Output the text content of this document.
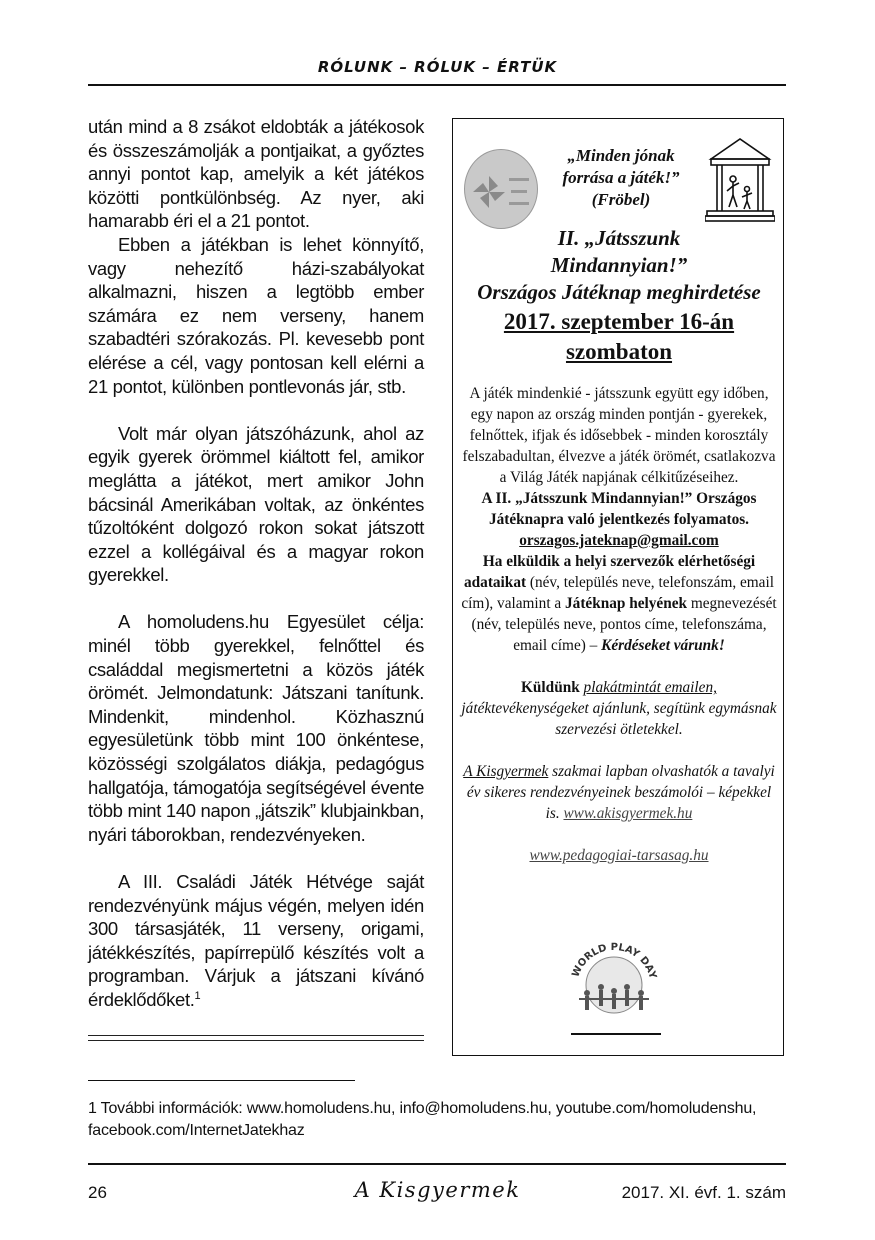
RÓLUNK – RÓLUK – ÉRTÜK

után mind a 8 zsákot eldobták a játékosok és összeszámolják a pontjaikat, a győztes annyi pontot kap, amelyik a két játékos közötti pontkülönbség. Az nyer, aki hamarabb éri el a 21 pontot.

Ebben a játékban is lehet könnyítő, vagy nehezítő házi-szabályokat alkalmazni, hiszen a legtöbb ember számára ez nem verseny, hanem szabadtéri szórakozás. Pl. kevesebb pont elérése a cél, vagy pontosan kell elérni a 21 pontot, különben pontlevonás jár, stb.

Volt már olyan játszóházunk, ahol az egyik gyerek örömmel kiáltott fel, amikor meglátta a játékot, mert amikor John bácsinál Amerikában voltak, az önkéntes tűzoltóként dolgozó rokon sokat játszott ezzel a kollégáival és a magyar rokon gyerekkel.

A homoludens.hu Egyesület célja: minél több gyerekkel, felnőttel és családdal megismertetni a közös játék örömét. Jelmondatunk: Játszani tanítunk. Mindenkit, mindenhol. Közhasznú egyesületünk több mint 100 önkéntese, közösségi szolgálatos diákja, pedagógus hallgatója, támogatója segítségével évente több mint 140 napon „játszik” klubjainkban, nyári táborokban, rendezvényeken.

A III. Családi Játék Hétvége saját rendezvényünk május végén, melyen idén 300 társasjáték, 11 verseny, origami, játékkészítés, papírrepülő készítés volt a programban. Várjuk a játszani kívánó érdeklődőket.$^1$

„Minden jónak
forrása a játék!”
(Fröbel)
II. „Játsszunk
Mindannyian!”
Országos Játéknap meghirdetése
2017. szeptember 16-án
szombaton

A játék mindenkié - játsszunk együtt egy időben, egy napon az ország minden pontján - gyerekek, felnőttek, ifjak és idősebbek - minden korosztály felszabadultan, élvezve a játék örömét, csatlakozva a Világ Játék napjának célkitűzéseihez.

A II. „Játsszunk Mindannyian!” Országos Játéknapra való jelentkezés folyamatos.

orszagos.jateknap@gmail.com

Ha elküldik a helyi szervezők elérhetőségi adataikat (név, település neve, telefonszám, email cím), valamint a Játéknap helyének megnevezését (név, település neve, pontos címe, telefonszáma, email címe) – Kérdéseket várunk!

Küldünk plakátmintát emailen,
játéktevékenységeket ajánlunk, segítünk egymásnak szervezési ötletekkel.

A Kisgyermek szakmai lapban olvashatók a tavalyi év sikeres rendezvényeinek beszámolói – képekkel is. www.akisgyermek.hu

www.pedagogiai-tarsasag.hu

WORLD PLAY DAY
1 További információk: www.homoludens.hu, info@homoludens.hu, youtube.com/homoludenshu, facebook.com/InternetJatekhaz
26	A Kisgyermek	2017. XI. évf. 1. szám
